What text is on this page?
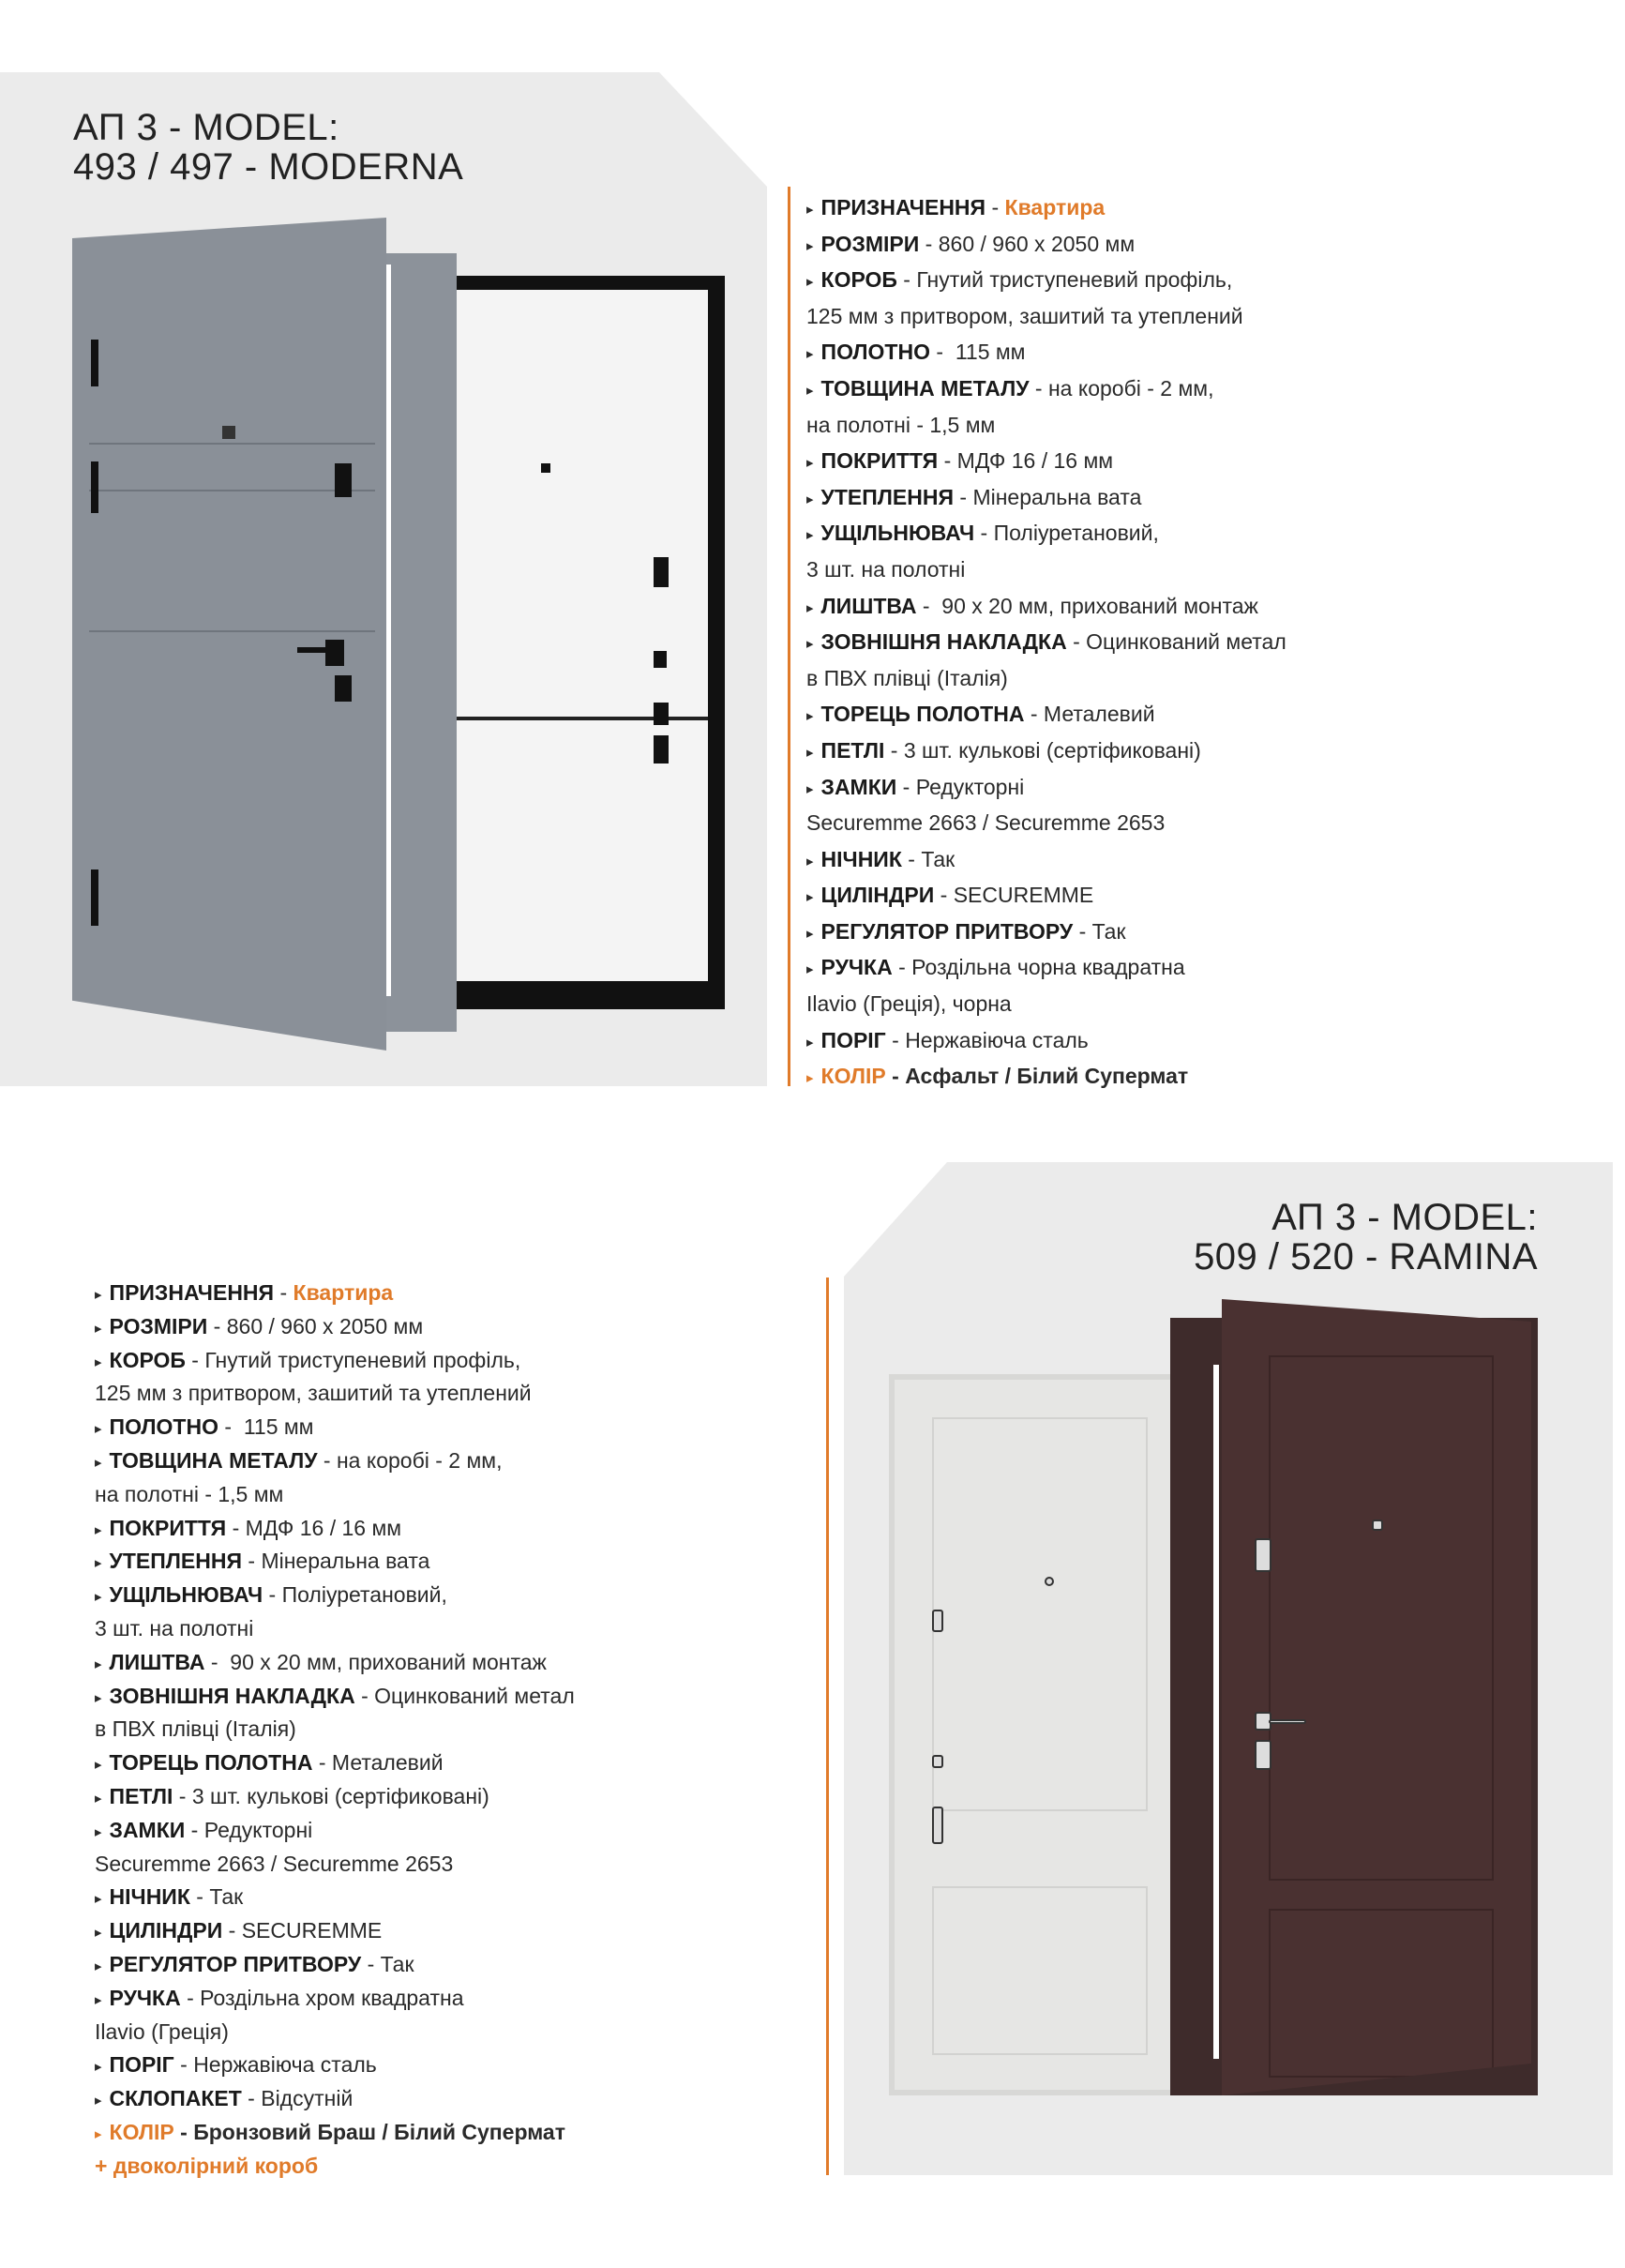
АП 3 - MODEL:
493 / 497 - MODERNA
АП 3 - MODEL:
509 / 520 - RAMINA
▸ ПРИЗНАЧЕННЯ - Квартира
▸ РОЗМІРИ - 860 / 960 x 2050 мм
▸ КОРОБ - Гнутий триступеневий профіль,
125 мм з притвором, зашитий та утеплений
▸ ПОЛОТНО -  115 мм
▸ ТОВЩИНА МЕТАЛУ - на коробі - 2 мм,
на полотні - 1,5 мм
▸ ПОКРИТТЯ - МДФ 16 / 16 мм
▸ УТЕПЛЕННЯ - Мінеральна вата
▸ УЩІЛЬНЮВАЧ - Поліуретановий,
3 шт. на полотні
▸ ЛИШТВА -  90 x 20 мм, прихований монтаж
▸ ЗОВНІШНЯ НАКЛАДКА - Оцинкований метал
в ПВХ плівці (Італія)
▸ ТОРЕЦЬ ПОЛОТНА - Металевий
▸ ПЕТЛІ - 3 шт. кулькові (сертіфиковані)
▸ ЗАМКИ - Редукторні
Securemme 2663 / Securemme 2653
▸ НІЧНИК - Так
▸ ЦИЛІНДРИ - SECUREMME
▸ РЕГУЛЯТОР ПРИТВОРУ - Так
▸ РУЧКА - Роздільна чорна квадратна
Ilavio (Греція), чорна
▸ ПОРІГ - Нержавіюча сталь
▸ КОЛІР - Асфальт / Білий Супермат
▸ ПРИЗНАЧЕННЯ - Квартира
▸ РОЗМІРИ - 860 / 960 x 2050 мм
▸ КОРОБ - Гнутий триступеневий профіль,
125 мм з притвором, зашитий та утеплений
▸ ПОЛОТНО -  115 мм
▸ ТОВЩИНА МЕТАЛУ - на коробі - 2 мм,
на полотні - 1,5 мм
▸ ПОКРИТТЯ - МДФ 16 / 16 мм
▸ УТЕПЛЕННЯ - Мінеральна вата
▸ УЩІЛЬНЮВАЧ - Поліуретановий,
3 шт. на полотні
▸ ЛИШТВА -  90 x 20 мм, прихований монтаж
▸ ЗОВНІШНЯ НАКЛАДКА - Оцинкований метал
в ПВХ плівці (Італія)
▸ ТОРЕЦЬ ПОЛОТНА - Металевий
▸ ПЕТЛІ - 3 шт. кулькові (сертіфиковані)
▸ ЗАМКИ - Редукторні
Securemme 2663 / Securemme 2653
▸ НІЧНИК - Так
▸ ЦИЛІНДРИ - SECUREMME
▸ РЕГУЛЯТОР ПРИТВОРУ - Так
▸ РУЧКА - Роздільна хром квадратна
Ilavio (Греція)
▸ ПОРІГ - Нержавіюча сталь
▸ СКЛОПАКЕТ - Відсутній
▸ КОЛІР - Бронзовий Браш / Білий Супермат
+ двоколірний короб
